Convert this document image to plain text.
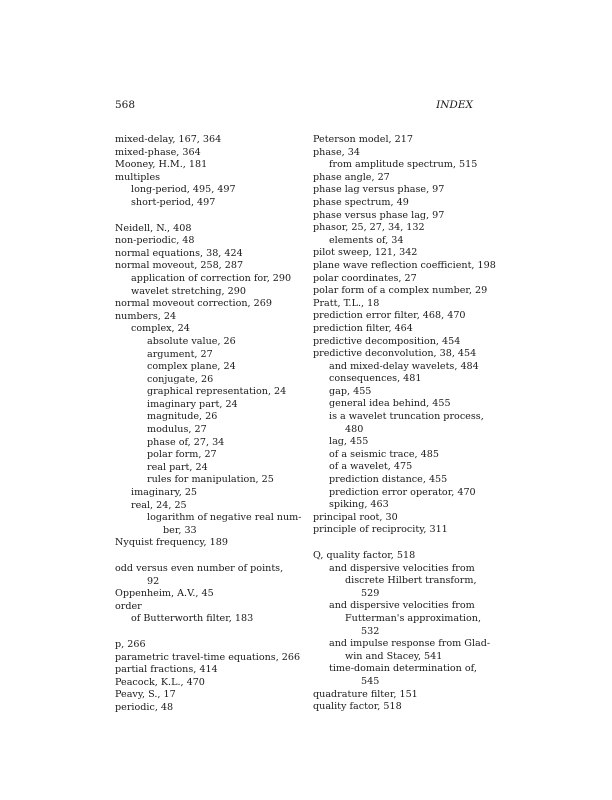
568	INDEX
mixed-delay, 167, 364
mixed-phase, 364
Mooney, H.M., 181
multiples
long-period, 495, 497
short-period, 497
Neidell, N., 408
non-periodic, 48
normal equations, 38, 424
normal moveout, 258, 287
application of correction for, 290
wavelet stretching, 290
normal moveout correction, 269
numbers, 24
complex, 24
absolute value, 26
argument, 27
complex plane, 24
conjugate, 26
graphical representation, 24
imaginary part, 24
magnitude, 26
modulus, 27
phase of, 27, 34
polar form, 27
real part, 24
rules for manipulation, 25
imaginary, 25
real, 24, 25
logarithm of negative real num-
ber, 33
Nyquist frequency, 189
odd versus even number of points,
92
Oppenheim, A.V., 45
order
of Butterworth filter, 183
p, 266
parametric travel-time equations, 266
partial fractions, 414
Peacock, K.L., 470
Peavy, S., 17
periodic, 48
Peterson model, 217
phase, 34
from amplitude spectrum, 515
phase angle, 27
phase lag versus phase, 97
phase spectrum, 49
phase versus phase lag, 97
phasor, 25, 27, 34, 132
elements of, 34
pilot sweep, 121, 342
plane wave reflection coefficient, 198
polar coordinates, 27
polar form of a complex number, 29
Pratt, T.L., 18
prediction error filter, 468, 470
prediction filter, 464
predictive decomposition, 454
predictive deconvolution, 38, 454
and mixed-delay wavelets, 484
consequences, 481
gap, 455
general idea behind, 455
is a wavelet truncation process,
480
lag, 455
of a seismic trace, 485
of a wavelet, 475
prediction distance, 455
prediction error operator, 470
spiking, 463
principal root, 30
principle of reciprocity, 311
Q, quality factor, 518
and dispersive velocities from
discrete Hilbert transform,
529
and dispersive velocities from
Futterman's approximation,
532
and impulse response from Glad-
win and Stacey, 541
time-domain determination of,
545
quadrature filter, 151
quality factor, 518
